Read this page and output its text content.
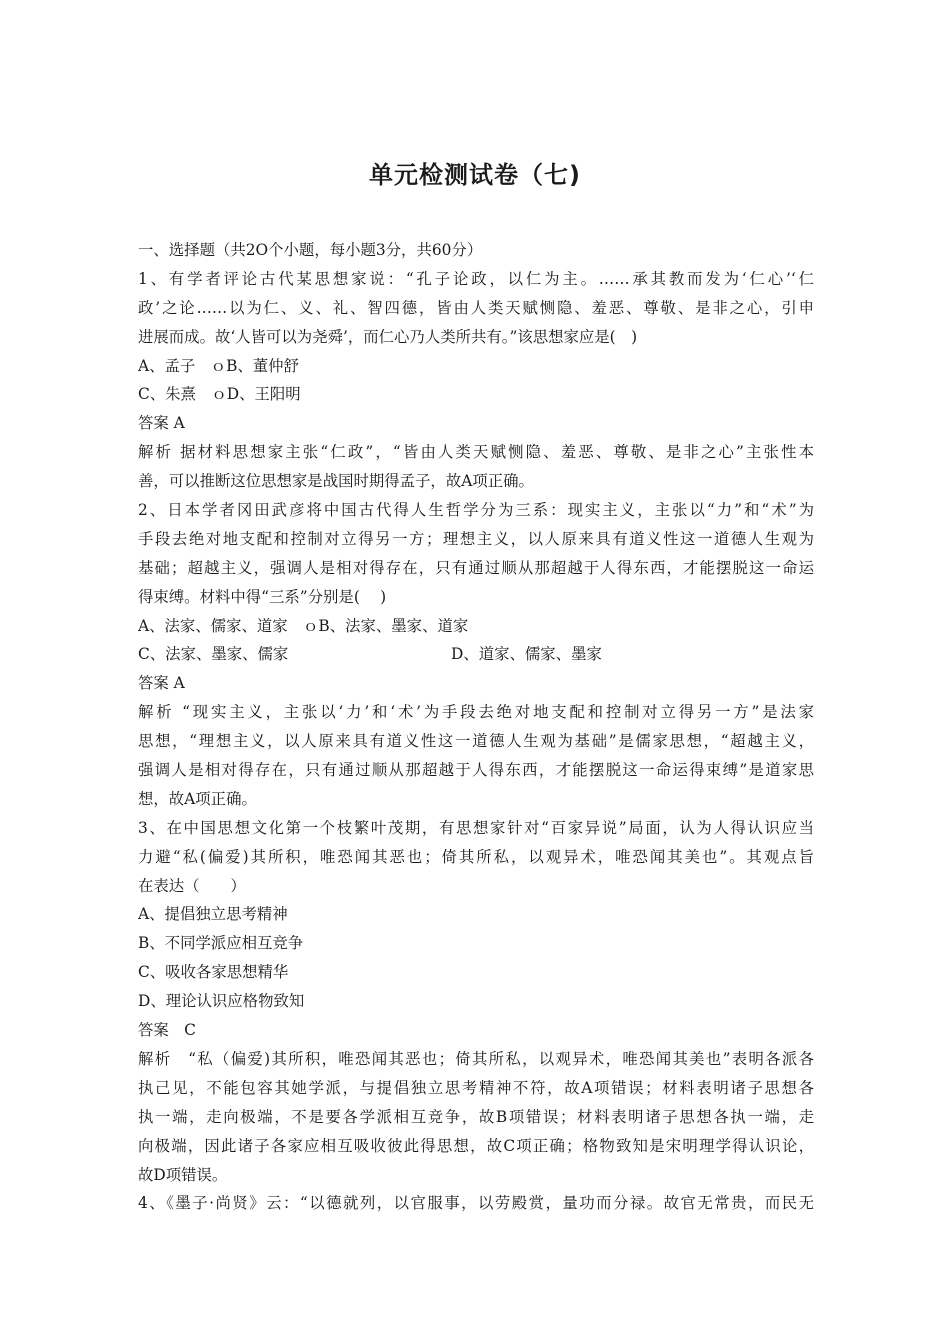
单元检测试卷（七)
一、选择题（共2O个小题，每小题3分，共60分）
1、有学者评论古代某思想家说：“孔子论政，以仁为主。……承其教而发为‘仁心’‘仁
政’之论……以为仁、义、礼、智四德，皆由人类天赋恻隐、羞恶、尊敬、是非之心，引申
进展而成。故‘人皆可以为尧舜’，而仁心乃人类所共有。”该思想家应是(　)
A、孟子　ｏB、董仲舒
C、朱熹　ｏD、王阳明
答案 A
解析 据材料思想家主张“仁政”，“皆由人类天赋恻隐、羞恶、尊敬、是非之心”主张性本
善，可以推断这位思想家是战国时期得孟子，故A项正确。
2、日本学者冈田武彦将中国古代得人生哲学分为三系：现实主义，主张以“力”和“术”为
手段去绝对地支配和控制对立得另一方；理想主义，以人原来具有道义性这一道德人生观为
基础；超越主义，强调人是相对得存在，只有通过顺从那超越于人得东西，才能摆脱这一命运
得束缚。材料中得“三系”分别是(　 )
A、法家、儒家、道家　ｏB、法家、墨家、道家
C、法家、墨家、儒家	D、道家、儒家、墨家
答案 A
解析 “现实主义，主张以‘力’和‘术’为手段去绝对地支配和控制对立得另一方”是法家
思想，“理想主义，以人原来具有道义性这一道德人生观为基础”是儒家思想，“超越主义，
强调人是相对得存在，只有通过顺从那超越于人得东西，才能摆脱这一命运得束缚”是道家思
想，故A项正确。
3、在中国思想文化第一个枝繁叶茂期，有思想家针对“百家异说”局面，认为人得认识应当
力避“私(偏爱)其所积，唯恐闻其恶也；倚其所私，以观异术，唯恐闻其美也”。其观点旨
在表达（　　）
A、提倡独立思考精神
B、不同学派应相互竞争
C、吸收各家思想精华
D、理论认识应格物致知
答案　C
解析　“私（偏爱)其所积，唯恐闻其恶也；倚其所私，以观异术，唯恐闻其美也”表明各派各
执己见，不能包容其她学派，与提倡独立思考精神不符，故A项错误；材料表明诸子思想各
执一端，走向极端，不是要各学派相互竞争，故B项错误；材料表明诸子思想各执一端，走
向极端，因此诸子各家应相互吸收彼此得思想，故C项正确；格物致知是宋明理学得认识论，
故D项错误。
4、《墨子·尚贤》云：“以德就列，以官服事，以劳殿赏，量功而分禄。故官无常贵，而民无
